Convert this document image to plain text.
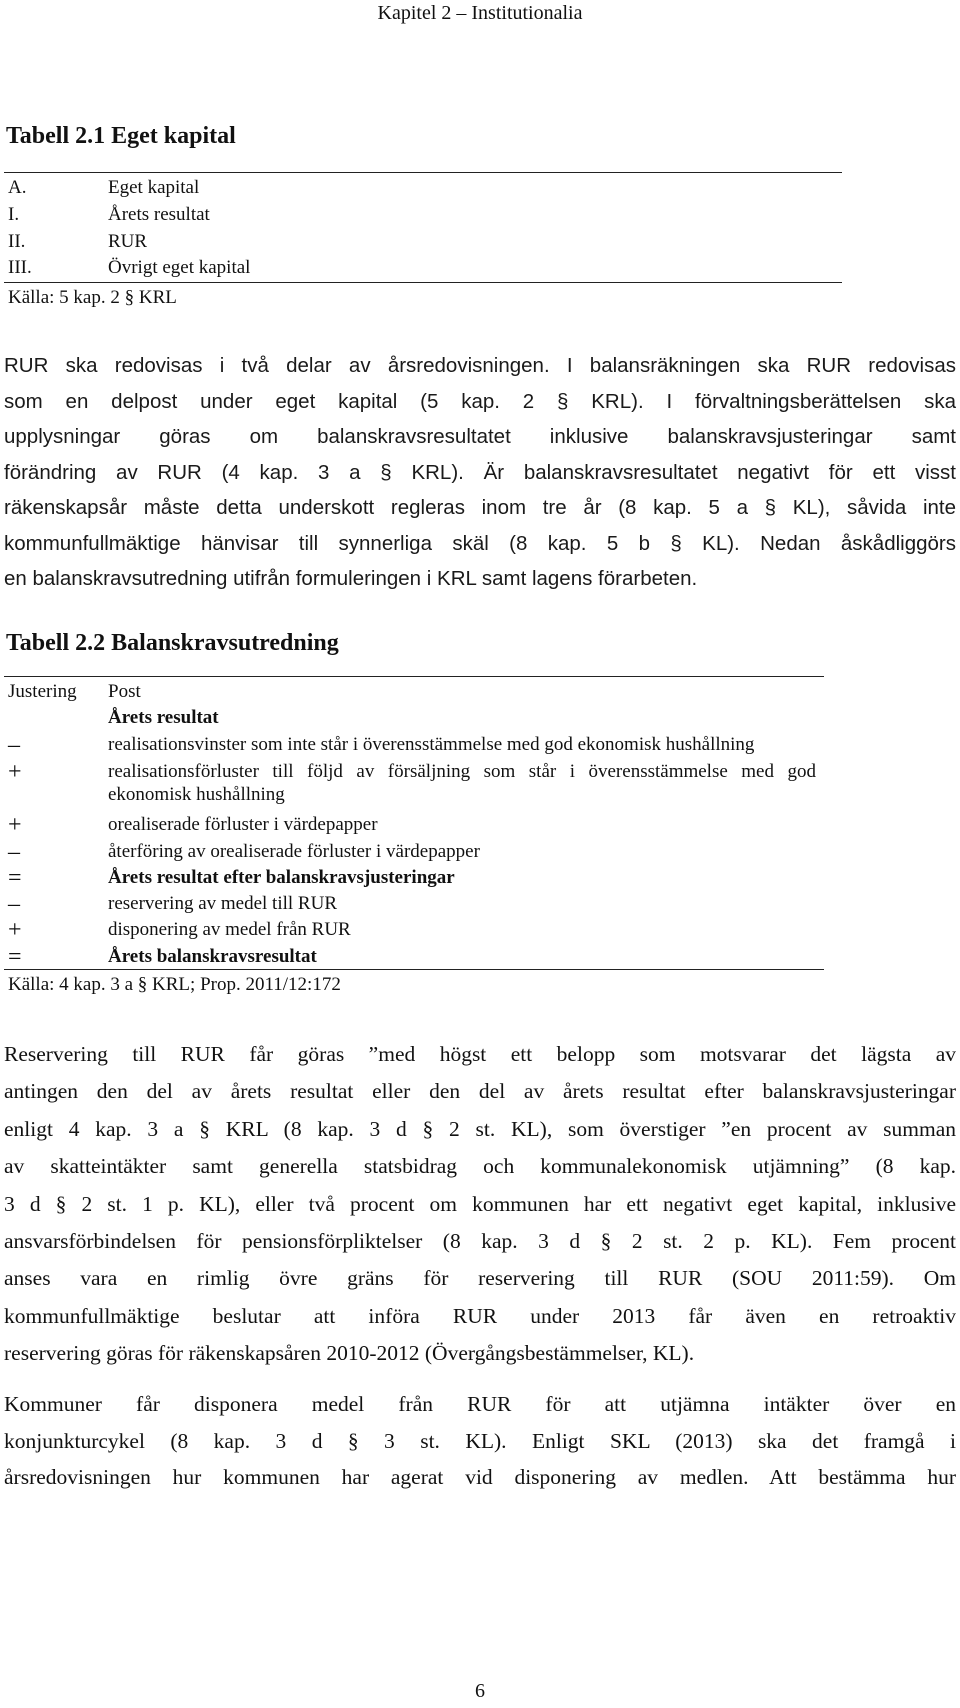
Kapitel 2 – Institutionalia
Tabell 2.1 Eget kapital
A.	Eget kapital
I.	Årets resultat
II.	RUR
III.	Övrigt eget kapital
Källa: 5 kap. 2 § KRL
RUR ska redovisas i två delar av årsredovisningen. I balansräkningen ska RUR redovisas
som en delpost under eget kapital (5 kap. 2 § KRL). I förvaltningsberättelsen ska
upplysningar göras om balanskravsresultatet inklusive balanskravsjusteringar samt
förändring av RUR (4 kap. 3 a § KRL). Är balanskravsresultatet negativt för ett visst
räkenskapsår måste detta underskott regleras inom tre år (8 kap. 5 a § KL), såvida inte
kommunfullmäktige hänvisar till synnerliga skäl (8 kap. 5 b § KL). Nedan åskådliggörs
en balanskravsutredning utifrån formuleringen i KRL samt lagens förarbeten.
Tabell 2.2 Balanskravsutredning
Justering Post
Årets resultat
–	realisationsvinster som inte står i överensstämmelse med god ekonomisk hushållning
+	realisationsförluster till följd av försäljning som står i överensstämmelse med god
ekonomisk hushållning
+	orealiserade förluster i värdepapper
–	återföring av orealiserade förluster i värdepapper
=	Årets resultat efter balanskravsjusteringar
–	reservering av medel till RUR
+	disponering av medel från RUR
=	Årets balanskravsresultat
Källa: 4 kap. 3 a § KRL; Prop. 2011/12:172
Reservering till RUR får göras ”med högst ett belopp som motsvarar det lägsta av
antingen den del av årets resultat eller den del av årets resultat efter balanskravsjusteringar
enligt 4 kap. 3 a § KRL (8 kap. 3 d § 2 st. KL), som överstiger ”en procent av summan
av skatteintäkter samt generella statsbidrag och kommunalekonomisk utjämning” (8 kap.
3 d § 2 st. 1 p. KL), eller två procent om kommunen har ett negativt eget kapital, inklusive
ansvarsförbindelsen för pensionsförpliktelser (8 kap. 3 d § 2 st. 2 p. KL). Fem procent
anses vara en rimlig övre gräns för reservering till RUR (SOU 2011:59). Om
kommunfullmäktige beslutar att införa RUR under 2013 får även en retroaktiv
reservering göras för räkenskapsåren 2010-2012 (Övergångsbestämmelser, KL).
Kommuner får disponera medel från RUR för att utjämna intäkter över en
konjunkturcykel (8 kap. 3 d § 3 st. KL). Enligt SKL (2013) ska det framgå i
årsredovisningen hur kommunen har agerat vid disponering av medlen. Att bestämma hur
6
